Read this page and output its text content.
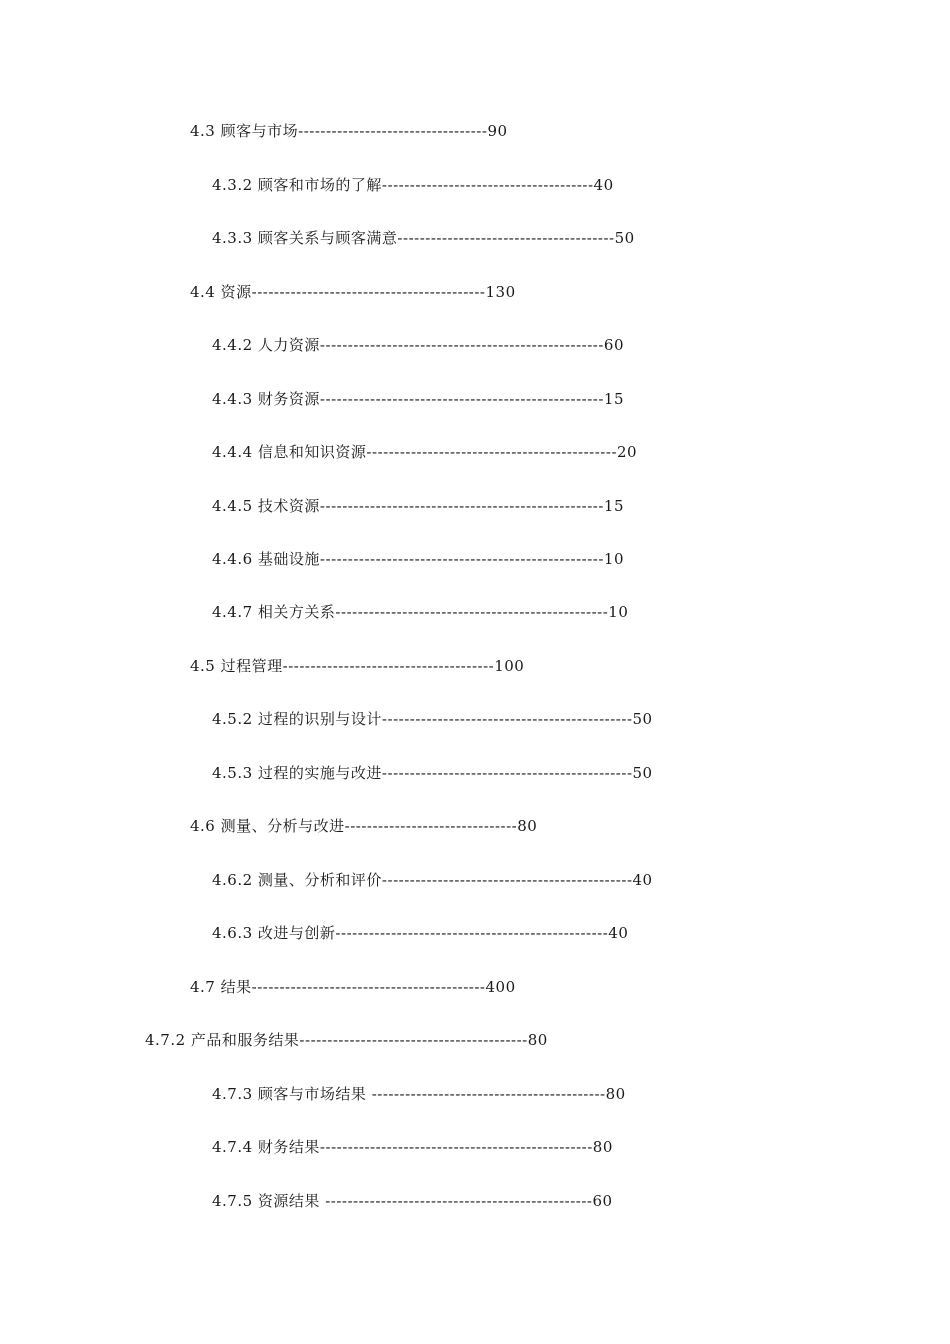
4.3 顾客与市场----------------------------------90
4.3.2 顾客和市场的了解--------------------------------------40
4.3.3 顾客关系与顾客满意---------------------------------------50
4.4 资源------------------------------------------130
4.4.2 人力资源---------------------------------------------------60
4.4.3 财务资源---------------------------------------------------15
4.4.4 信息和知识资源---------------------------------------------20
4.4.5 技术资源---------------------------------------------------15
4.4.6 基础设施---------------------------------------------------10
4.4.7 相关方关系-------------------------------------------------10
4.5 过程管理--------------------------------------100
4.5.2 过程的识别与设计---------------------------------------------50
4.5.3 过程的实施与改进---------------------------------------------50
4.6 测量、分析与改进-------------------------------80
4.6.2 测量、分析和评价---------------------------------------------40
4.6.3 改进与创新-------------------------------------------------40
4.7 结果------------------------------------------400
4.7.2 产品和服务结果-----------------------------------------80
4.7.3 顾客与市场结果 ------------------------------------------80
4.7.4 财务结果-------------------------------------------------80
4.7.5 资源结果 ------------------------------------------------60
